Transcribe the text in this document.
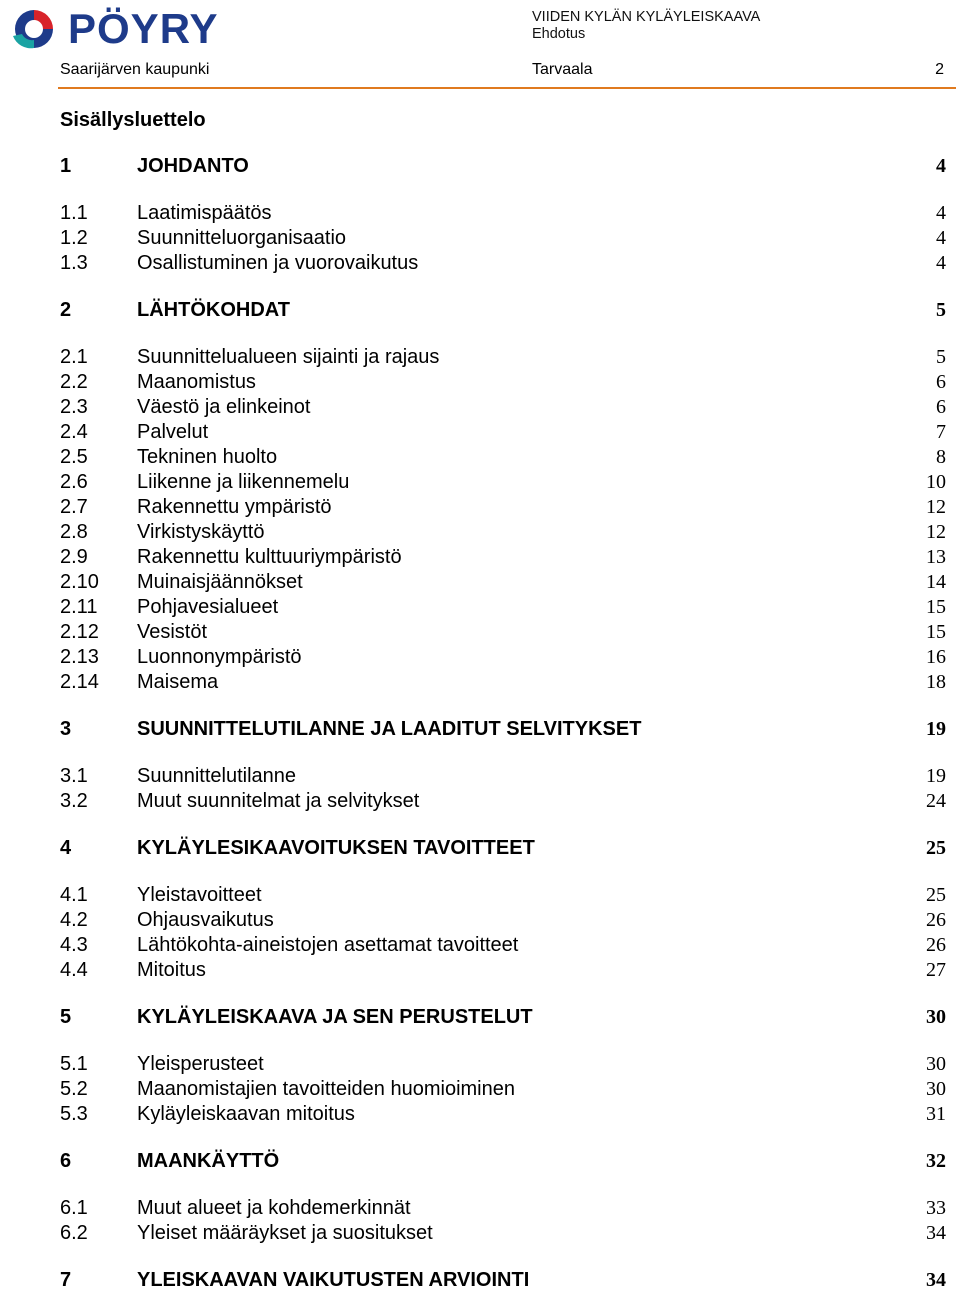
PÖYRY	VIIDEN KYLÄN KYLÄYLEISKAAVA
Ehdotus
Saarijärven kaupunki	Tarvaala	2
Sisällysluettelo
1	JOHDANTO	4
1.1 Laatimispäätös	4
1.2 Suunnitteluorganisaatio	4
1.3 Osallistuminen ja vuorovaikutus	4
2	LÄHTÖKOHDAT	5
2.1 Suunnittelualueen sijainti ja rajaus	5
2.2 Maanomistus	6
2.3 Väestö ja elinkeinot	6
2.4 Palvelut	7
2.5 Tekninen huolto	8
2.6 Liikenne ja liikennemelu	10
2.7 Rakennettu ympäristö	12
2.8 Virkistyskäyttö	12
2.9 Rakennettu kulttuuriympäristö	13
2.10 Muinaisjäännökset	14
2.11 Pohjavesialueet	15
2.12 Vesistöt	15
2.13 Luonnonympäristö	16
2.14 Maisema	18
3	SUUNNITTELUTILANNE JA LAADITUT SELVITYKSET	19
3.1 Suunnittelutilanne	19
3.2 Muut suunnitelmat ja selvitykset	24
4	KYLÄYLESIKAAVOITUKSEN TAVOITTEET	25
4.1 Yleistavoitteet	25
4.2 Ohjausvaikutus	26
4.3 Lähtökohta-aineistojen asettamat tavoitteet	26
4.4 Mitoitus	27
5	KYLÄYLEISKAAVA JA SEN PERUSTELUT	30
5.1 Yleisperusteet	30
5.2 Maanomistajien tavoitteiden huomioiminen	30
5.3 Kyläyleiskaavan mitoitus	31
6	MAANKÄYTTÖ	32
6.1 Muut alueet ja kohdemerkinnät	33
6.2 Yleiset määräykset ja suositukset	34
7	YLEISKAAVAN VAIKUTUSTEN ARVIOINTI	34
